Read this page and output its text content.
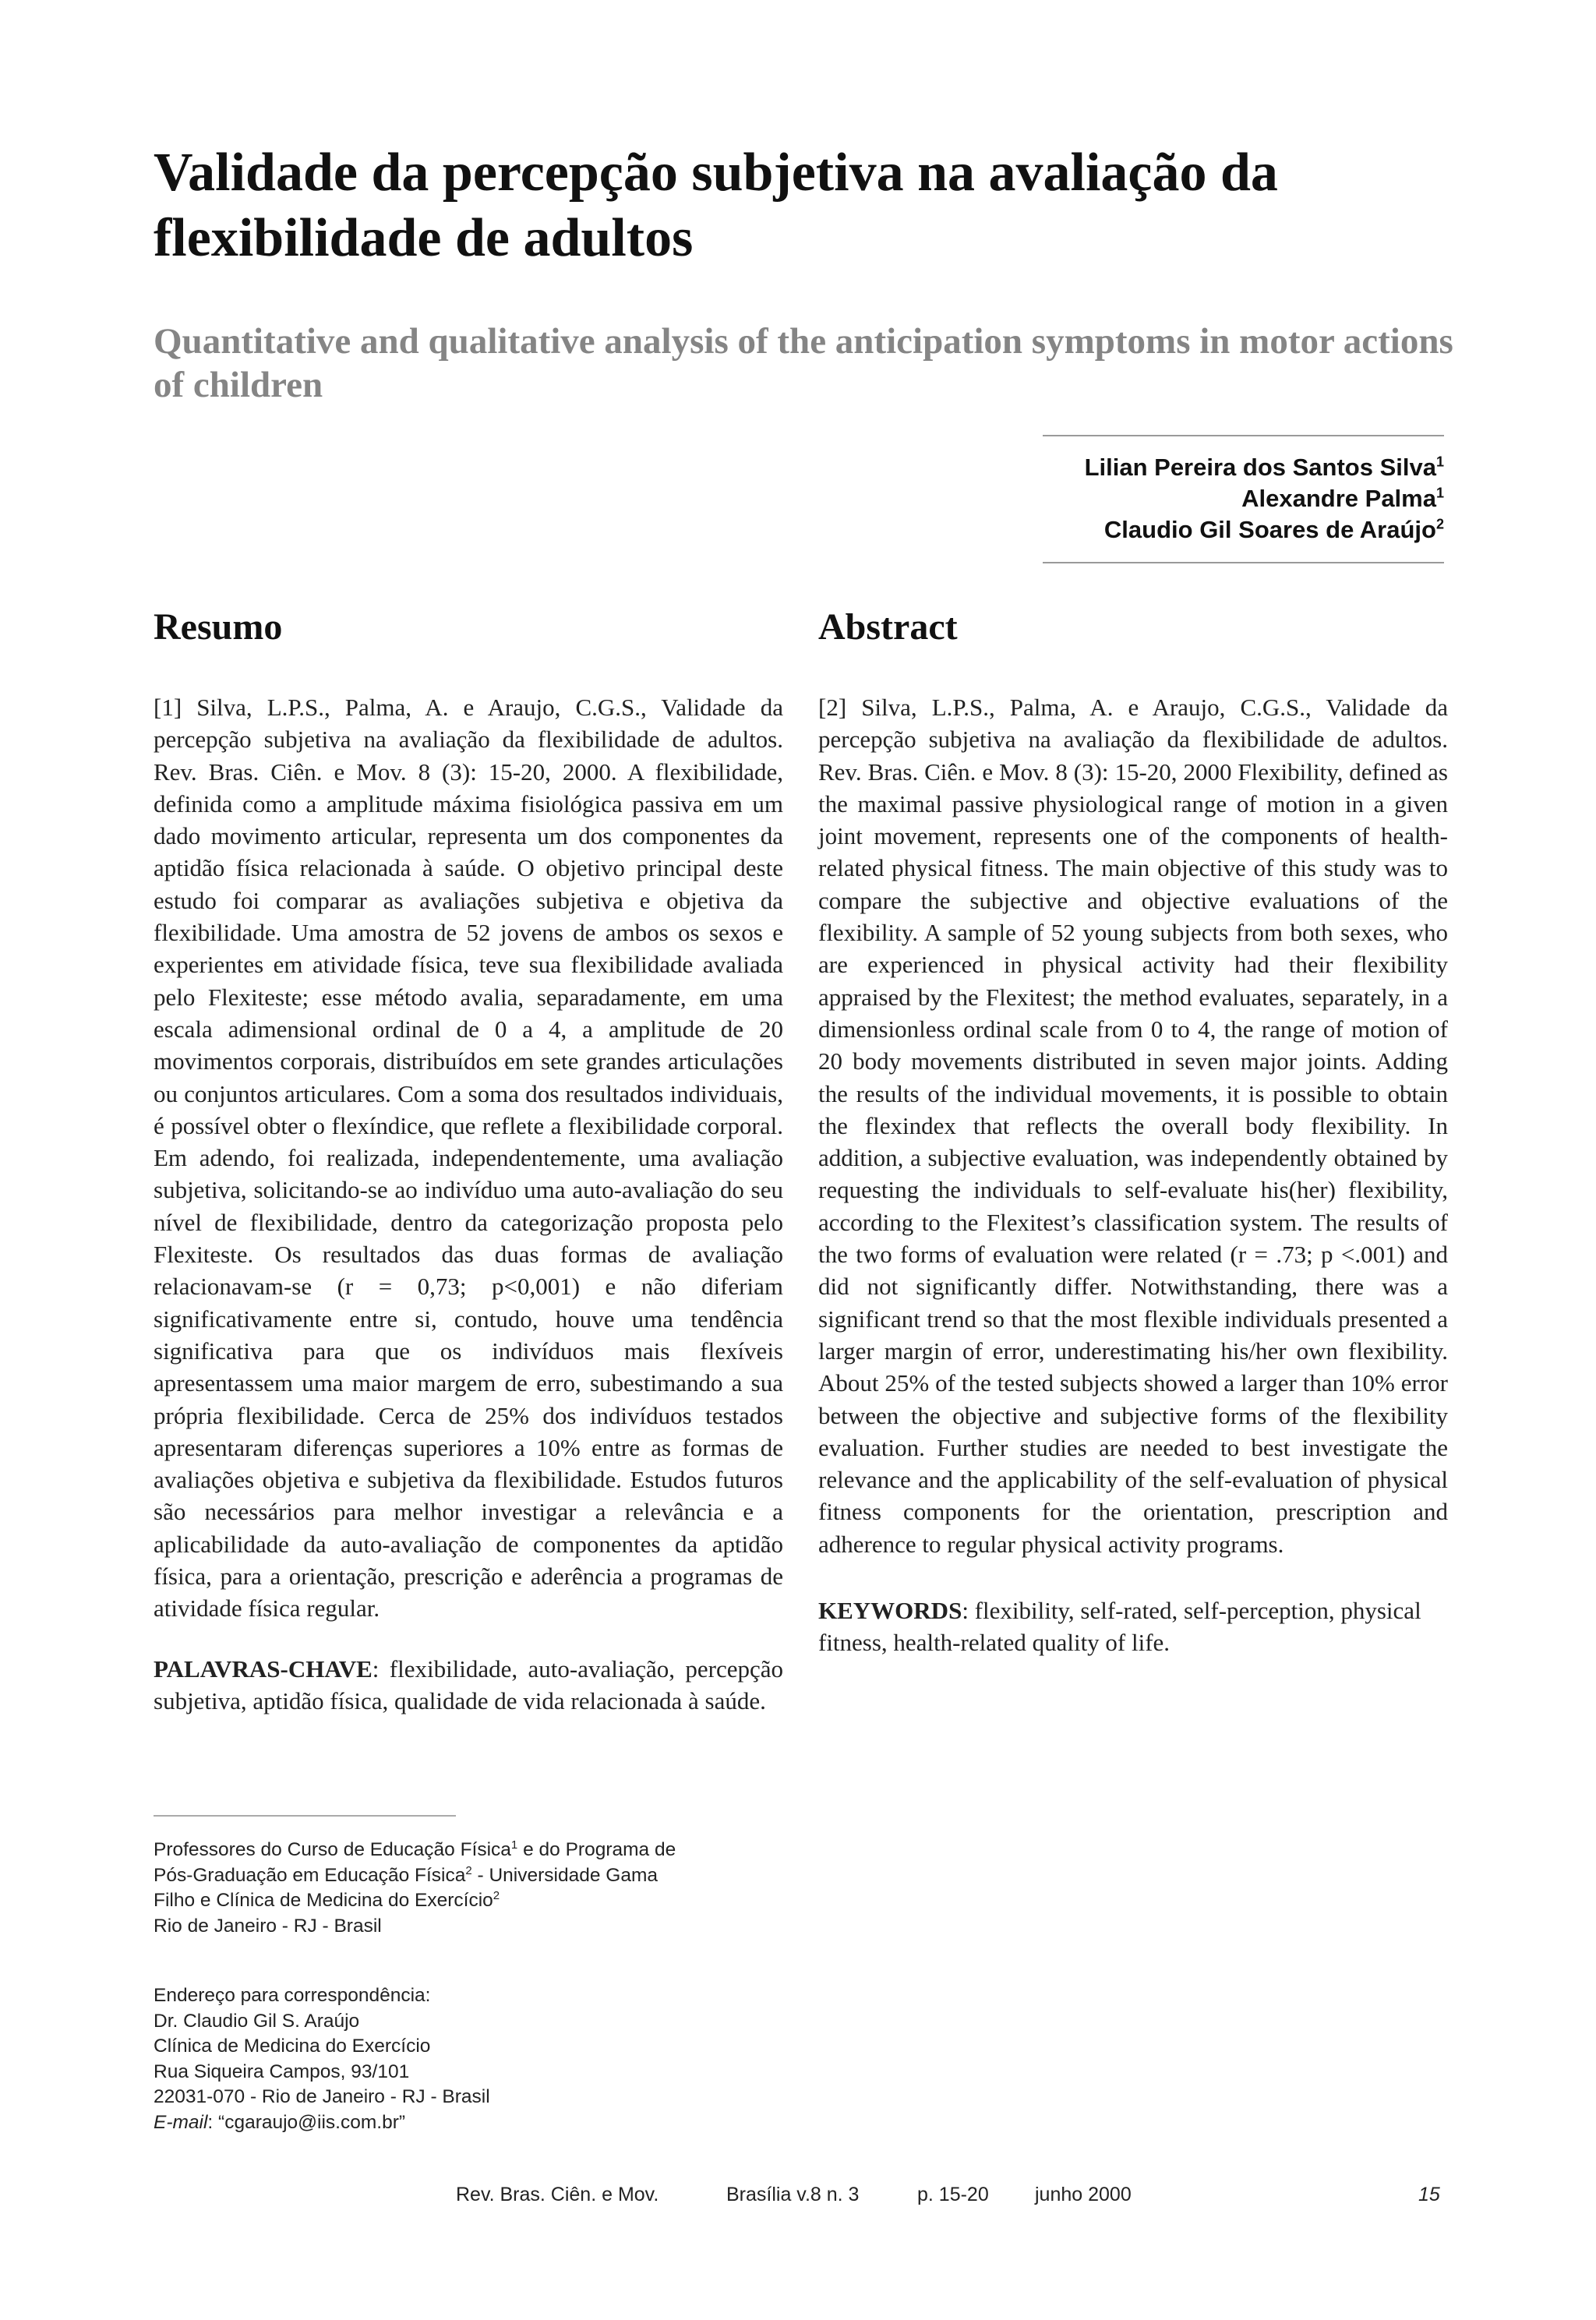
Validade da percepção subjetiva na avaliação da flexibilidade de adultos
Quantitative and qualitative analysis of the anticipation symptoms in motor actions of children
Lilian Pereira dos Santos Silva$^1$
Alexandre Palma$^1$
Claudio Gil Soares de Araújo$^2$
Resumo

[1] Silva, L.P.S., Palma, A. e Araujo, C.G.S., Validade da percepção subjetiva na avaliação da flexibilidade de adultos. Rev. Bras. Ciên. e Mov. 8 (3): 15-20, 2000. A flexibilidade, definida como a amplitude máxima fisiológica passiva em um dado movimento articular, representa um dos componentes da aptidão física relacionada à saúde. O objetivo principal deste estudo foi comparar as avaliações subjetiva e objetiva da flexibilidade. Uma amostra de 52 jovens de ambos os sexos e experientes em atividade física, teve sua flexibilidade avaliada pelo Flexiteste; esse método avalia, separadamente, em uma escala adimensional ordinal de 0 a 4, a amplitude de 20 movimentos corporais, distribuídos em sete grandes articulações ou conjuntos articulares. Com a soma dos resultados individuais, é possível obter o flexíndice, que reflete a flexibilidade corporal. Em adendo, foi realizada, independentemente, uma avaliação subjetiva, solicitando-se ao indivíduo uma auto-avaliação do seu nível de flexibilidade, dentro da categorização proposta pelo Flexiteste. Os resultados das duas formas de avaliação relacionavam-se (r = 0,73; p<0,001) e não diferiam significativamente entre si, contudo, houve uma tendência significativa para que os indivíduos mais flexíveis apresentassem uma maior margem de erro, subestimando a sua própria flexibilidade. Cerca de 25% dos indivíduos testados apresentaram diferenças superiores a 10% entre as formas de avaliações objetiva e subjetiva da flexibilidade. Estudos futuros são necessários para melhor investigar a relevância e a aplicabilidade da auto-avaliação de componentes da aptidão física, para a orientação, prescrição e aderência a programas de atividade física regular.

PALAVRAS-CHAVE: flexibilidade, auto-avaliação, percepção subjetiva, aptidão física, qualidade de vida relacionada à saúde.

Abstract

[2] Silva, L.P.S., Palma, A. e Araujo, C.G.S., Validade da percepção subjetiva na avaliação da flexibilidade de adultos. Rev. Bras. Ciên. e Mov. 8 (3): 15-20, 2000 Flexibility, defined as the maximal passive physiological range of motion in a given joint movement, represents one of the components of health-related physical fitness. The main objective of this study was to compare the subjective and objective evaluations of the flexibility. A sample of 52 young subjects from both sexes, who are experienced in physical activity had their flexibility appraised by the Flexitest; the method evaluates, separately, in a dimensionless ordinal scale from 0 to 4, the range of motion of 20 body movements distributed in seven major joints. Adding the results of the individual movements, it is possible to obtain the flexindex that reflects the overall body flexibility. In addition, a subjective evaluation, was independently obtained by requesting the individuals to self-evaluate his(her) flexibility, according to the Flexitest’s classification system. The results of the two forms of evaluation were related (r = .73; p <.001) and did not significantly differ. Notwithstanding, there was a significant trend so that the most flexible individuals presented a larger margin of error, underestimating his/her own flexibility. About 25% of the tested subjects showed a larger than 10% error between the objective and subjective forms of the flexibility evaluation. Further studies are needed to best investigate the relevance and the applicability of the self-evaluation of physical fitness components for the orientation, prescription and adherence to regular physical activity programs.

KEYWORDS: flexibility, self-rated, self-perception, physical fitness, health-related quality of life.

Professores do Curso de Educação Física$^1$ e do Programa de
Pós-Graduação em Educação Física$^2$ - Universidade Gama
Filho e Clínica de Medicina do Exercício$^2$
Rio de Janeiro - RJ - Brasil
Endereço para correspondência:
Dr. Claudio Gil S. Araújo
Clínica de Medicina do Exercício
Rua Siqueira Campos, 93/101
22031-070 - Rio de Janeiro - RJ - Brasil
E-mail: “cgaraujo@iis.com.br”
Rev. Bras. Ciên. e Mov.	Brasília v.8 n. 3	p. 15-20 junho 2000	15
